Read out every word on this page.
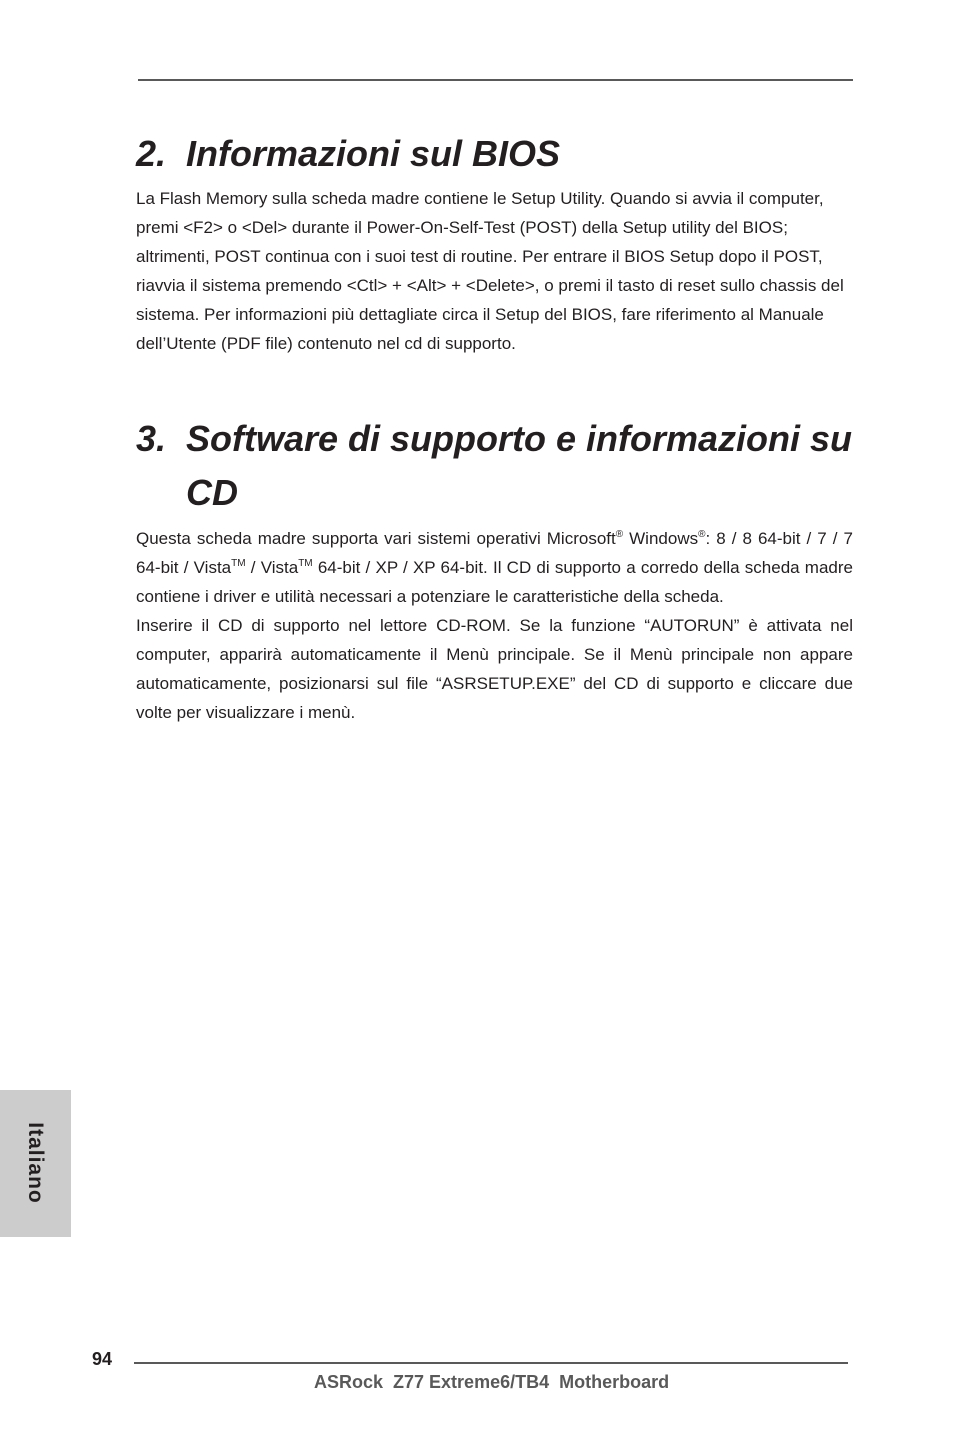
2. Informazioni sul BIOS

La Flash Memory sulla scheda madre contiene le Setup Utility. Quando si avvia il computer, premi <F2> o <Del> durante il Power-On-Self-Test (POST) della Setup utility del BIOS; altrimenti, POST continua con i suoi test di routine. Per entrare il BIOS Setup dopo il POST, riavvia il sistema premendo <Ctl> + <Alt> + <Delete>, o premi il tasto di reset sullo chassis del sistema. Per informazioni più dettagliate circa il Setup del BIOS, fare riferimento al Manuale dell’Utente (PDF file) contenuto nel cd di supporto.

3. Software di supporto e informazioni su CD

Questa scheda madre supporta vari sistemi operativi Microsoft® Windows®: 8 / 8 64-bit / 7 / 7 64-bit / Vista™ / Vista™ 64-bit / XP / XP 64-bit. Il CD di supporto a corredo della scheda madre contiene i driver e utilità necessari a potenziare le caratteristiche della scheda.

Inserire il CD di supporto nel lettore CD-ROM. Se la funzione “AUTORUN” è attivata nel computer, apparirà automaticamente il Menù principale. Se il Menù principale non appare automaticamente, posizionarsi sul file “ASRSETUP.EXE” del CD di supporto e cliccare due volte per visualizzare i menù.

Italiano
94
ASRock  Z77 Extreme6/TB4  Motherboard
